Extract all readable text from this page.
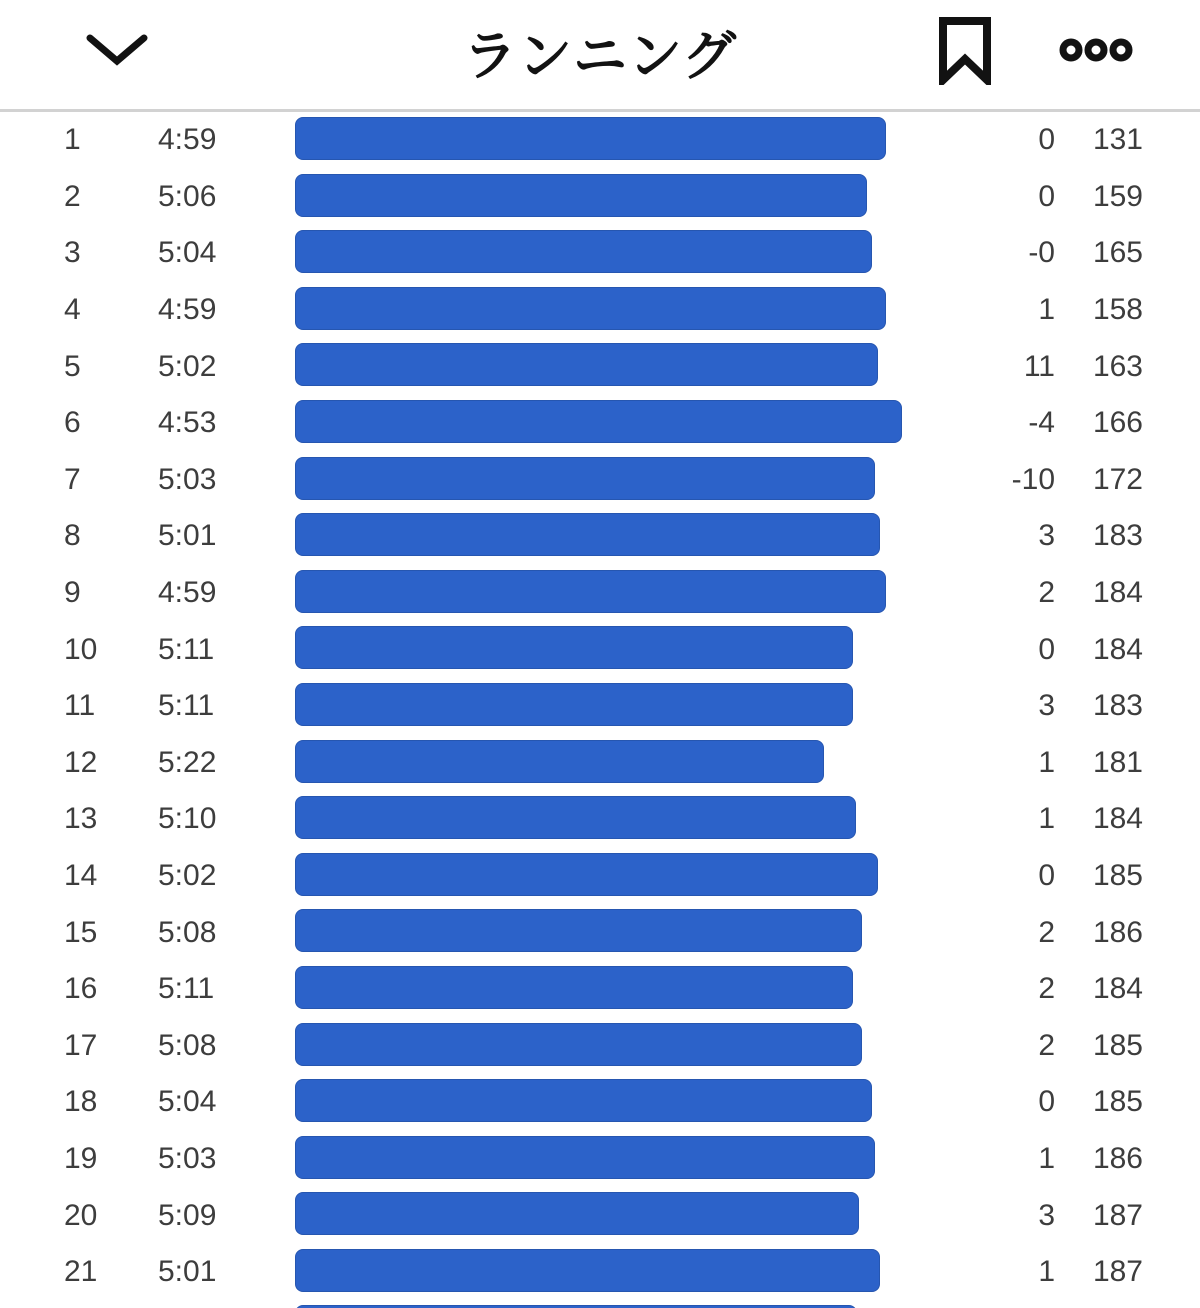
ランニング
1	4:59	0	131
2	5:06	0	159
3	5:04	-0	165
4	4:59	1	158
5	5:02	11	163
6	4:53	-4	166
7	5:03	-10	172
8	5:01	3	183
9	4:59	2	184
10 5:11	0	184
11 5:11	3	183
12 5:22	1	181
13 5:10	1	184
14 5:02	0	185
15 5:08	2	186
16 5:11	2	184
17 5:08	2	185
18 5:04	0	185
19 5:03	1	186
20 5:09	3	187
21 5:01	1	187
